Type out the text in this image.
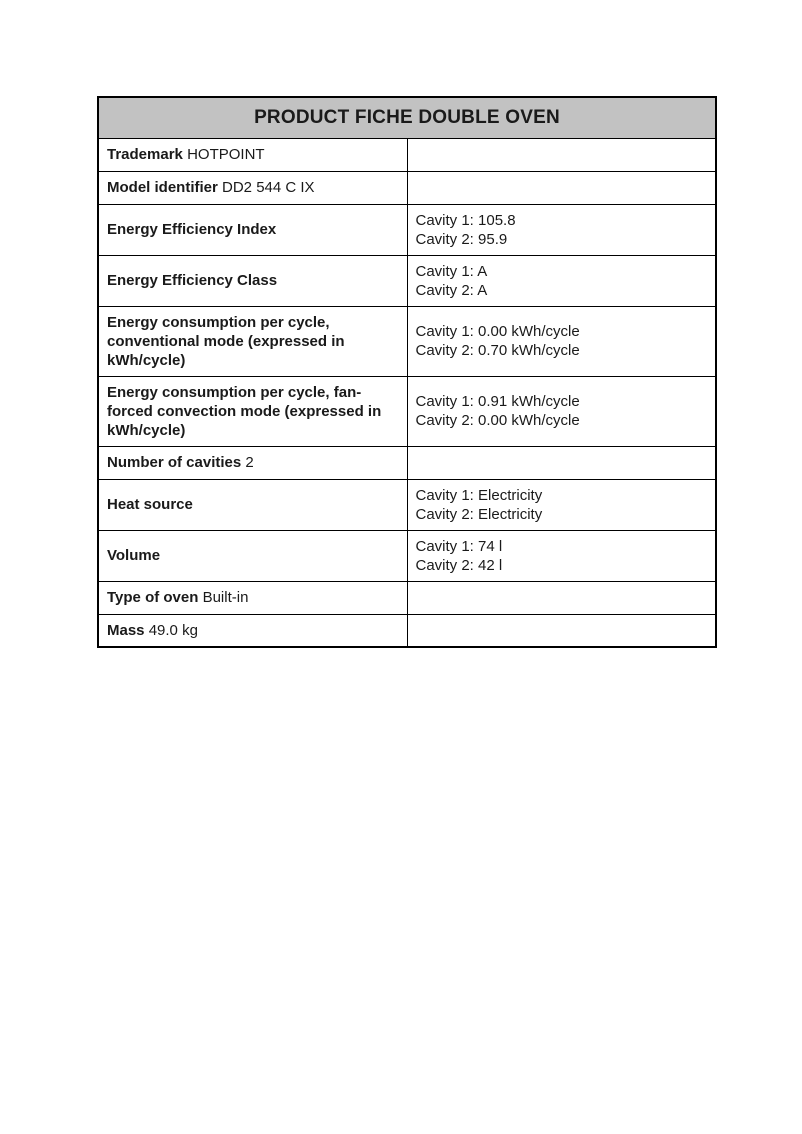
PRODUCT FICHE DOUBLE OVEN	
Trademark HOTPOINT	

Model identifier DD2 544 C IX	

Energy Efficiency Index	Cavity 1: 105.8
Cavity 2: 95.9

Energy Efficiency Class	Cavity 1: A
Cavity 2: A

Energy consumption per cycle, conventional mode (expressed in kWh/cycle)	Cavity 1: 0.00 kWh/cycle
Cavity 2: 0.70 kWh/cycle

Energy consumption per cycle, fan-forced convection mode (expressed in kWh/cycle)	Cavity 1: 0.91 kWh/cycle
Cavity 2: 0.00 kWh/cycle

Number of cavities 2	

Heat source	Cavity 1: Electricity
Cavity 2: Electricity

Volume	Cavity 1: 74 l
Cavity 2: 42 l

Type of oven Built-in	

Mass 49.0 kg	
